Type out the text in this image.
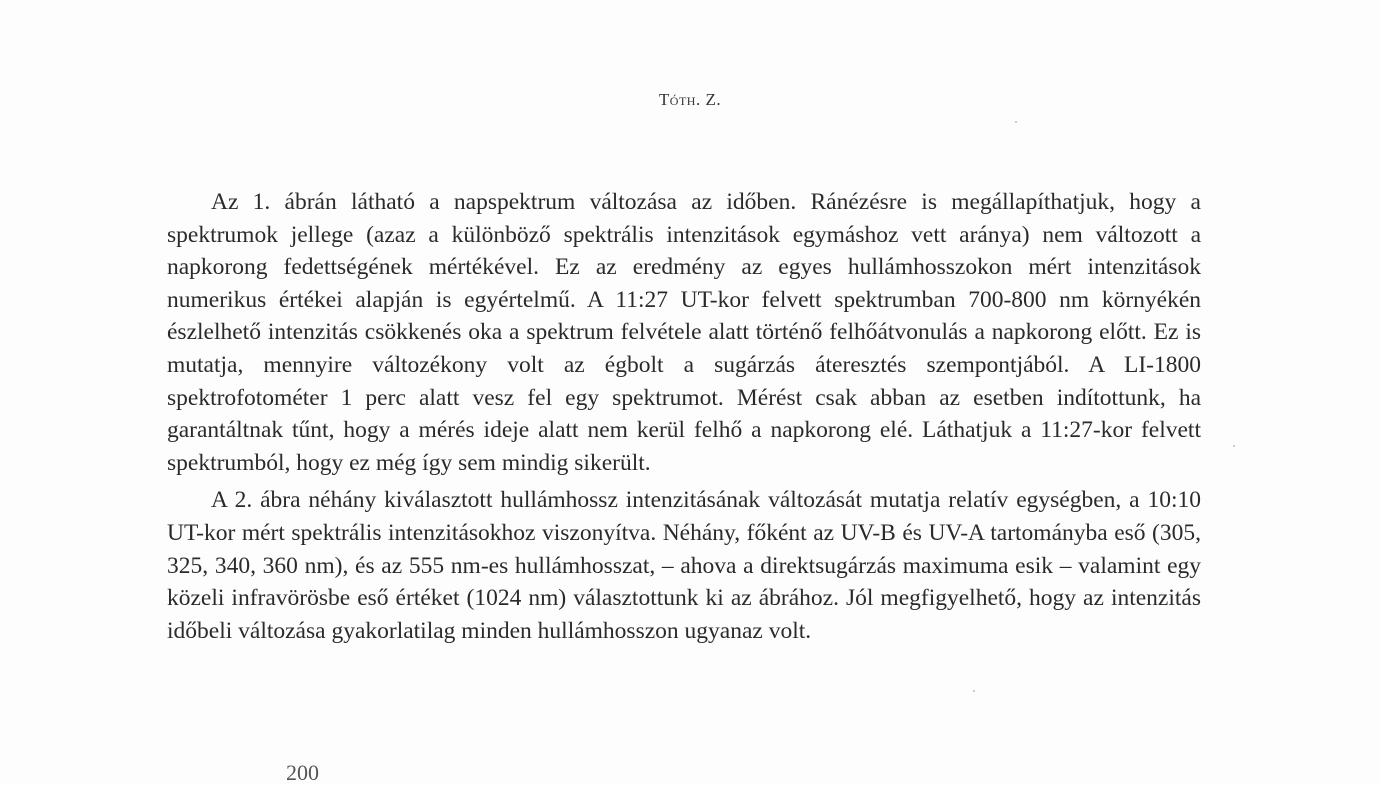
Tóth. Z.

Az 1. ábrán látható a napspektrum változása az időben. Ránézésre is megállapíthatjuk, hogy a spektrumok jellege (azaz a különböző spektrális intenzitások egymáshoz vett aránya) nem változott a napkorong fedettségének mértékével. Ez az eredmény az egyes hullámhosszokon mért intenzitások numerikus értékei alapján is egyértelmű. A 11:27 UT-kor felvett spektrumban 700-800 nm környékén észlelhető intenzitás csökkenés oka a spektrum felvétele alatt történő felhőátvonulás a napkorong előtt. Ez is mutatja, mennyire változékony volt az égbolt a sugárzás áteresztés szempontjából. A LI-1800 spektrofotométer 1 perc alatt vesz fel egy spektrumot. Mérést csak abban az esetben indítottunk, ha garantáltnak tűnt, hogy a mérés ideje alatt nem kerül felhő a napkorong elé. Láthatjuk a 11:27-kor felvett spektrumból, hogy ez még így sem mindig sikerült.

A 2. ábra néhány kiválasztott hullámhossz intenzitásának változását mutatja relatív egységben, a 10:10 UT-kor mért spektrális intenzitásokhoz viszonyítva. Néhány, főként az UV-B és UV-A tartományba eső (305, 325, 340, 360 nm), és az 555 nm-es hullámhosszat, – ahova a direktsugárzás maximuma esik – valamint egy közeli infravörösbe eső értéket (1024 nm) választottunk ki az ábrához. Jól megfigyelhető, hogy az intenzitás időbeli változása gyakorlatilag minden hullámhosszon ugyanaz volt.

200
